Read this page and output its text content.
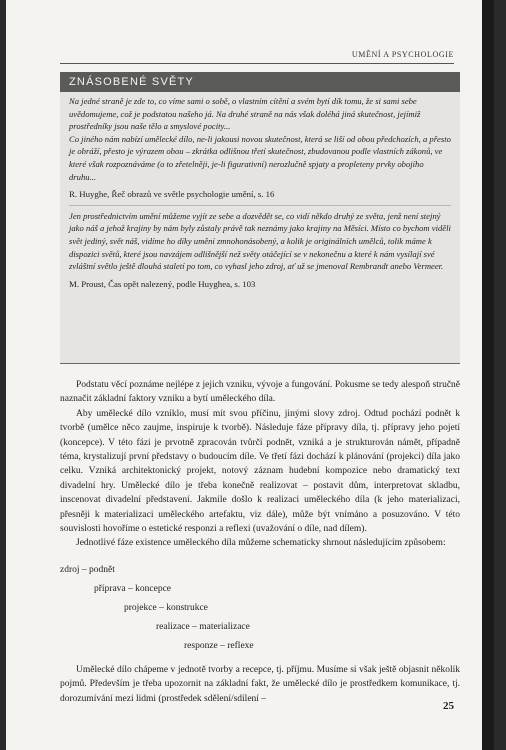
UMĚNÍ A PSYCHOLOGIE
ZNÁSOBENÉ SVĚTY

Na jedné straně je zde to, co víme sami o sobě, o vlastním cítění a svém bytí dík tomu, že si sami sebe uvědomujeme, což je podstatou našeho já. Na druhé straně na nás však doléhá jiná skutečnost, jejímiž prostředníky jsou naše tělo a smyslové pocity...

Co jiného nám nabízí umělecké dílo, ne-li jakousi novou skutečnost, která se liší od obou předchozích, a přesto je obráží, přesto je výrazem obou – zkrátka odlišnou třetí skutečnost, zbudovanou podle vlastních zákonů, ve které však rozpoznáváme (o to zřetelněji, je-li figurativní) nerozlučně spjaty a propleteny prvky obojího druhu...

R. Huyghe, Řeč obrazů ve světle psychologie umění, s. 16

Jen prostřednictvím umění můžeme vyjít ze sebe a dozvědět se, co vidí někdo druhý ze světa, jenž není stejný jako náš a jehož krajiny by nám byly zůstaly právě tak neznámy jako krajiny na Měsíci. Místo co bychom viděli svět jediný, svět náš, vidíme ho díky umění zmnohonásobený, a kolik je originálních umělců, tolik máme k dispozici světů, které jsou navzájem odlišnější než světy otáčející se v nekonečnu a které k nám vysílají své zvláštní světlo ještě dlouhá staletí po tom, co vyhasl jeho zdroj, ať už se jmenoval Rembrandt anebo Vermeer.

M. Proust, Čas opět nalezený, podle Huyghea, s. 103

Podstatu věcí poznáme nejlépe z jejich vzniku, vývoje a fungování. Pokusme se tedy alespoň stručně naznačit základní faktory vzniku a bytí uměleckého díla.

Aby umělecké dílo vzniklo, musí mít svou příčinu, jinými slovy zdroj. Odtud pochází podnět k tvorbě (umělce něco zaujme, inspiruje k tvorbě). Následuje fáze přípravy díla, tj. přípravy jeho pojetí (koncepce). V této fázi je prvotně zpracován tvůrčí podnět, vzniká a je strukturován námět, případně téma, krystalizují první představy o budoucím díle. Ve třetí fázi dochází k plánování (projekci) díla jako celku. Vzniká architektonický projekt, notový záznam hudební kompozice nebo dramatický text divadelní hry. Umělecké dílo je třeba konečně realizovat – postavit dům, interpretovat skladbu, inscenovat divadelní představení. Jakmile došlo k realizaci uměleckého díla (k jeho materializaci, přesněji k materializaci uměleckého artefaktu, viz dále), může být vnímáno a posuzováno. V této souvislosti hovoříme o estetické responzi a reflexi (uvažování o díle, nad dílem).

Jednotlivé fáze existence uměleckého díla můžeme schematicky shrnout následujícím způsobem:

zdroj – podnět
příprava – koncepce
projekce – konstrukce
realizace – materializace
responze – reflexe

Umělecké dílo chápeme v jednotě tvorby a recepce, tj. příjmu. Musíme si však ještě objasnit několik pojmů. Především je třeba upozornit na základní fakt, že umělecké dílo je prostředkem komunikace, tj. dorozumívání mezi lidmi (prostředek sdělení/sdílení –

25
